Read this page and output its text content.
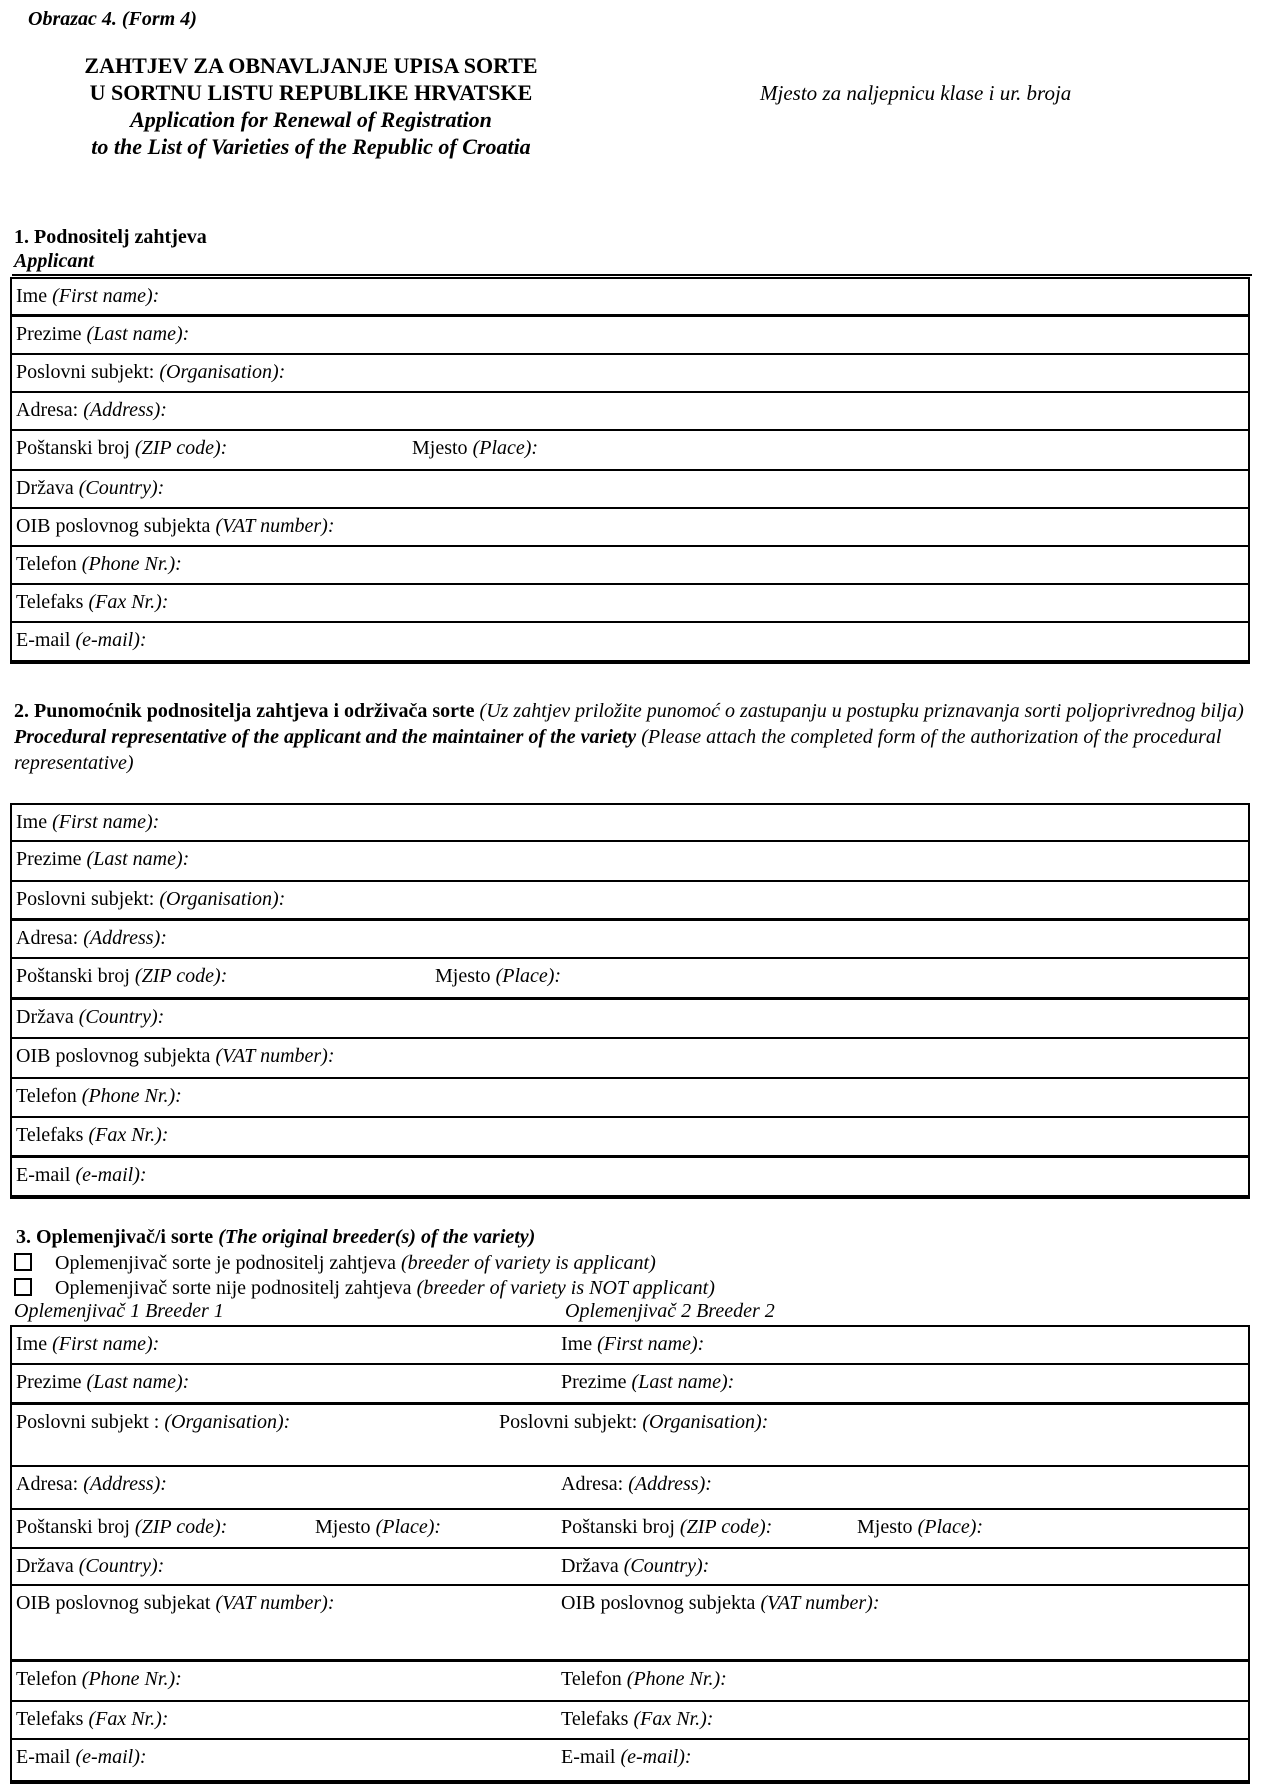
Obrazac 4. (Form 4)
ZAHTJEV ZA OBNAVLJANJE UPISA SORTE
U SORTNU LISTU REPUBLIKE HRVATSKE
Application for Renewal of Registration
to the List of Varieties of the Republic of Croatia
Mjesto za naljepnicu klase i ur. broja
1. Podnositelj zahtjeva
Applicant
Ime (First name):
Prezime (Last name):
Poslovni subjekt: (Organisation):
Adresa: (Address):
Poštanski broj (ZIP code):	Mjesto (Place):
Država (Country):
OIB poslovnog subjekta (VAT number):
Telefon (Phone Nr.):
Telefaks (Fax Nr.):
E-mail (e-mail):
2. Punomoćnik podnositelja zahtjeva i održivača sorte (Uz zahtjev priložite punomoć o zastupanju u postupku priznavanja sorti poljoprivrednog bilja)
Procedural representative of the applicant and the maintainer of the variety (Please attach the completed form of the authorization of the procedural representative)
Ime (First name):
Prezime (Last name):
Poslovni subjekt: (Organisation):
Adresa: (Address):
Poštanski broj (ZIP code):	Mjesto (Place):
Država (Country):
OIB poslovnog subjekta (VAT number):
Telefon (Phone Nr.):
Telefaks (Fax Nr.):
E-mail (e-mail):
3. Oplemenjivač/i sorte (The original breeder(s) of the variety)
Oplemenjivač sorte je podnositelj zahtjeva (breeder of variety is applicant)
Oplemenjivač sorte nije podnositelj zahtjeva (breeder of variety is NOT applicant)
Oplemenjivač 1 Breeder 1	Oplemenjivač 2 Breeder 2
Ime (First name):	Ime (First name):
Prezime (Last name):	Prezime (Last name):
Poslovni subjekt : (Organisation):	Poslovni subjekt: (Organisation):
Adresa: (Address):	Adresa: (Address):
Poštanski broj (ZIP code):	Mjesto (Place):	Poštanski broj (ZIP code):	Mjesto (Place):
Država (Country):	Država (Country):
OIB poslovnog subjekat (VAT number):	OIB poslovnog subjekta (VAT number):
Telefon (Phone Nr.):	Telefon (Phone Nr.):
Telefaks (Fax Nr.):	Telefaks (Fax Nr.):
E-mail (e-mail):	E-mail (e-mail):
